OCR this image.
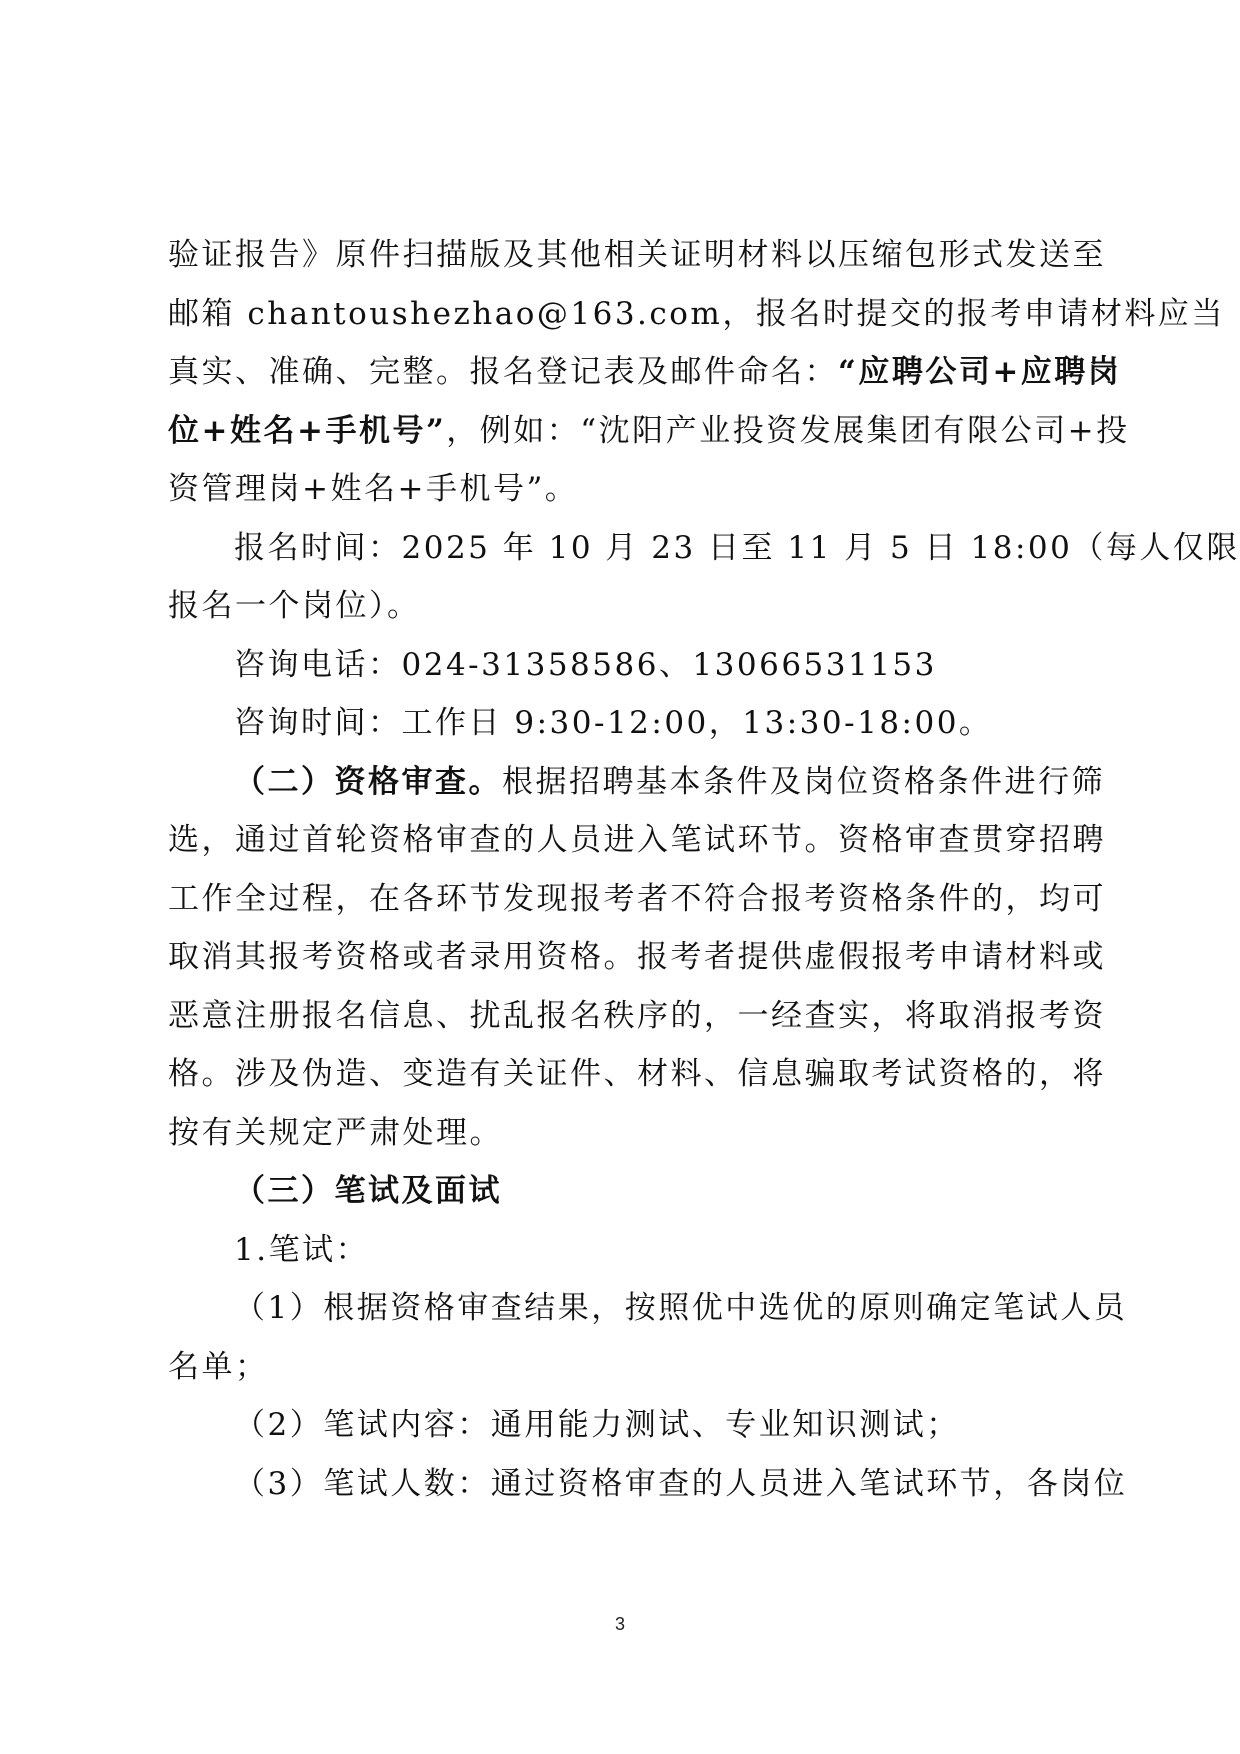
验证报告》原件扫描版及其他相关证明材料以压缩包形式发送至
邮箱 chantoushezhao@163.com，报名时提交的报考申请材料应当
真实、准确、完整。报名登记表及邮件命名：“应聘公司+应聘岗
位+姓名+手机号”，例如：“沈阳产业投资发展集团有限公司+投
资管理岗+姓名+手机号”。
报名时间：2025 年 10 月 23 日至 11 月 5 日 18:00（每人仅限
报名一个岗位）。
咨询电话：024-31358586、13066531153
咨询时间：工作日 9:30-12:00，13:30-18:00。
（二）资格审查。根据招聘基本条件及岗位资格条件进行筛
选，通过首轮资格审查的人员进入笔试环节。资格审查贯穿招聘
工作全过程，在各环节发现报考者不符合报考资格条件的，均可
取消其报考资格或者录用资格。报考者提供虚假报考申请材料或
恶意注册报名信息、扰乱报名秩序的，一经查实，将取消报考资
格。涉及伪造、变造有关证件、材料、信息骗取考试资格的，将
按有关规定严肃处理。
（三）笔试及面试
1.笔试：
（1）根据资格审查结果，按照优中选优的原则确定笔试人员
名单；
（2）笔试内容：通用能力测试、专业知识测试；
（3）笔试人数：通过资格审查的人员进入笔试环节，各岗位
3
